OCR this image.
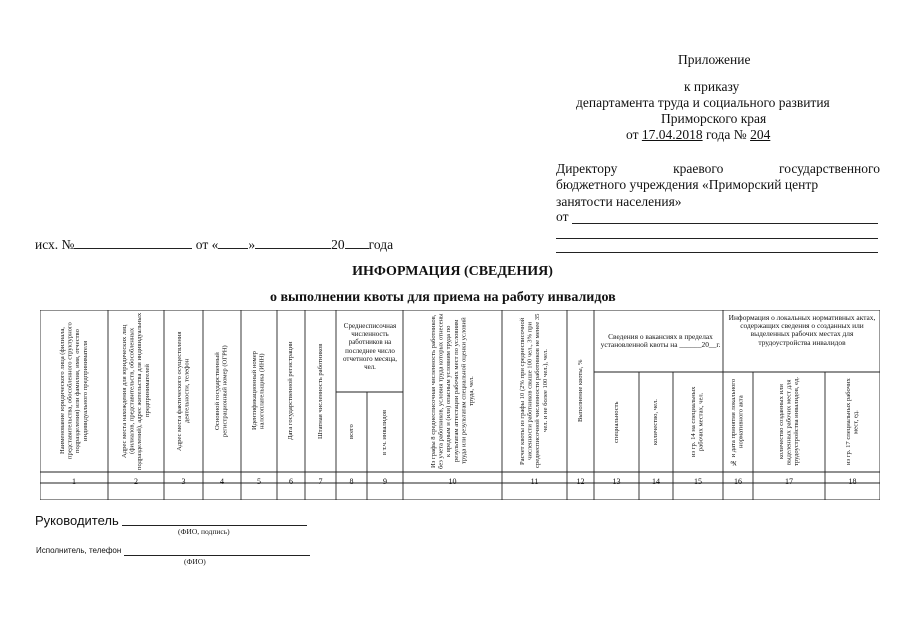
Приложение
к приказу
департамента труда и социального развития
Приморского края
от 17.04.2018 года № 204
Директору	краевого	государственного
бюджетного учреждения «Приморский центр
занятости населения»
от
исх. №	от « »	20 года
ИНФОРМАЦИЯ (СВЕДЕНИЯ)
о выполнении квоты для приема на работу инвалидов
Наименование юридического лица (филиала, представительства, обособленного структурного подразделения) или фамилия, имя, отчество индивидуального предпринимателя	Адрес места нахождения для юридических лиц (филиалов, представительств, обособленных подразделений), адрес жительства для индивидуальных предпринимателей	Адрес места фактического осуществления деятельности, телефон	Основной государственный регистрационный номер (ОГРН)	Идентификационный номер налогоплательщика (ИНН)	Дата государственной регистрации	Штатная численность работников
Среднесписочная численность работников на последнее число отчетного месяца, чел.
всего	в т.ч. инвалидов	Из графы 8 среднесписочная численность работников, без учета работников, условия труда которых отнесены к вредным и (или) опасным условиям труда по результатам аттестации рабочих мест по условиям труда или результатам специальной оценки условий труда, чел.	Расчет квоты из графы 10 (2% при среднесписочной численности работников свыше 100 чел., 3% при среднесписочной численности работников не менее 35 чел. и не более 100 чел.), чел.	Выполнение квоты, %
Сведения о вакансиях в пределах установленной квоты на ______20__г.
специальность	количество, чел.	из гр. 14 на специальных рабочих местах, чел.
Информация о локальных нормативных актах, содержащих сведения о созданных или выделенных рабочих местах для трудоустройства инвалидов
№ и дата принятия локального нормативного акта	количество созданных или выделенных рабочих мест для трудоустройства инвалидов, ед.	из гр. 17 специальных рабочих мест, ед.
1	2	3	4	5	6	7	8	9	10	11	12	13	14	15	16	17	18
Руководитель
(ФИО, подпись)
Исполнитель, телефон
(ФИО)
